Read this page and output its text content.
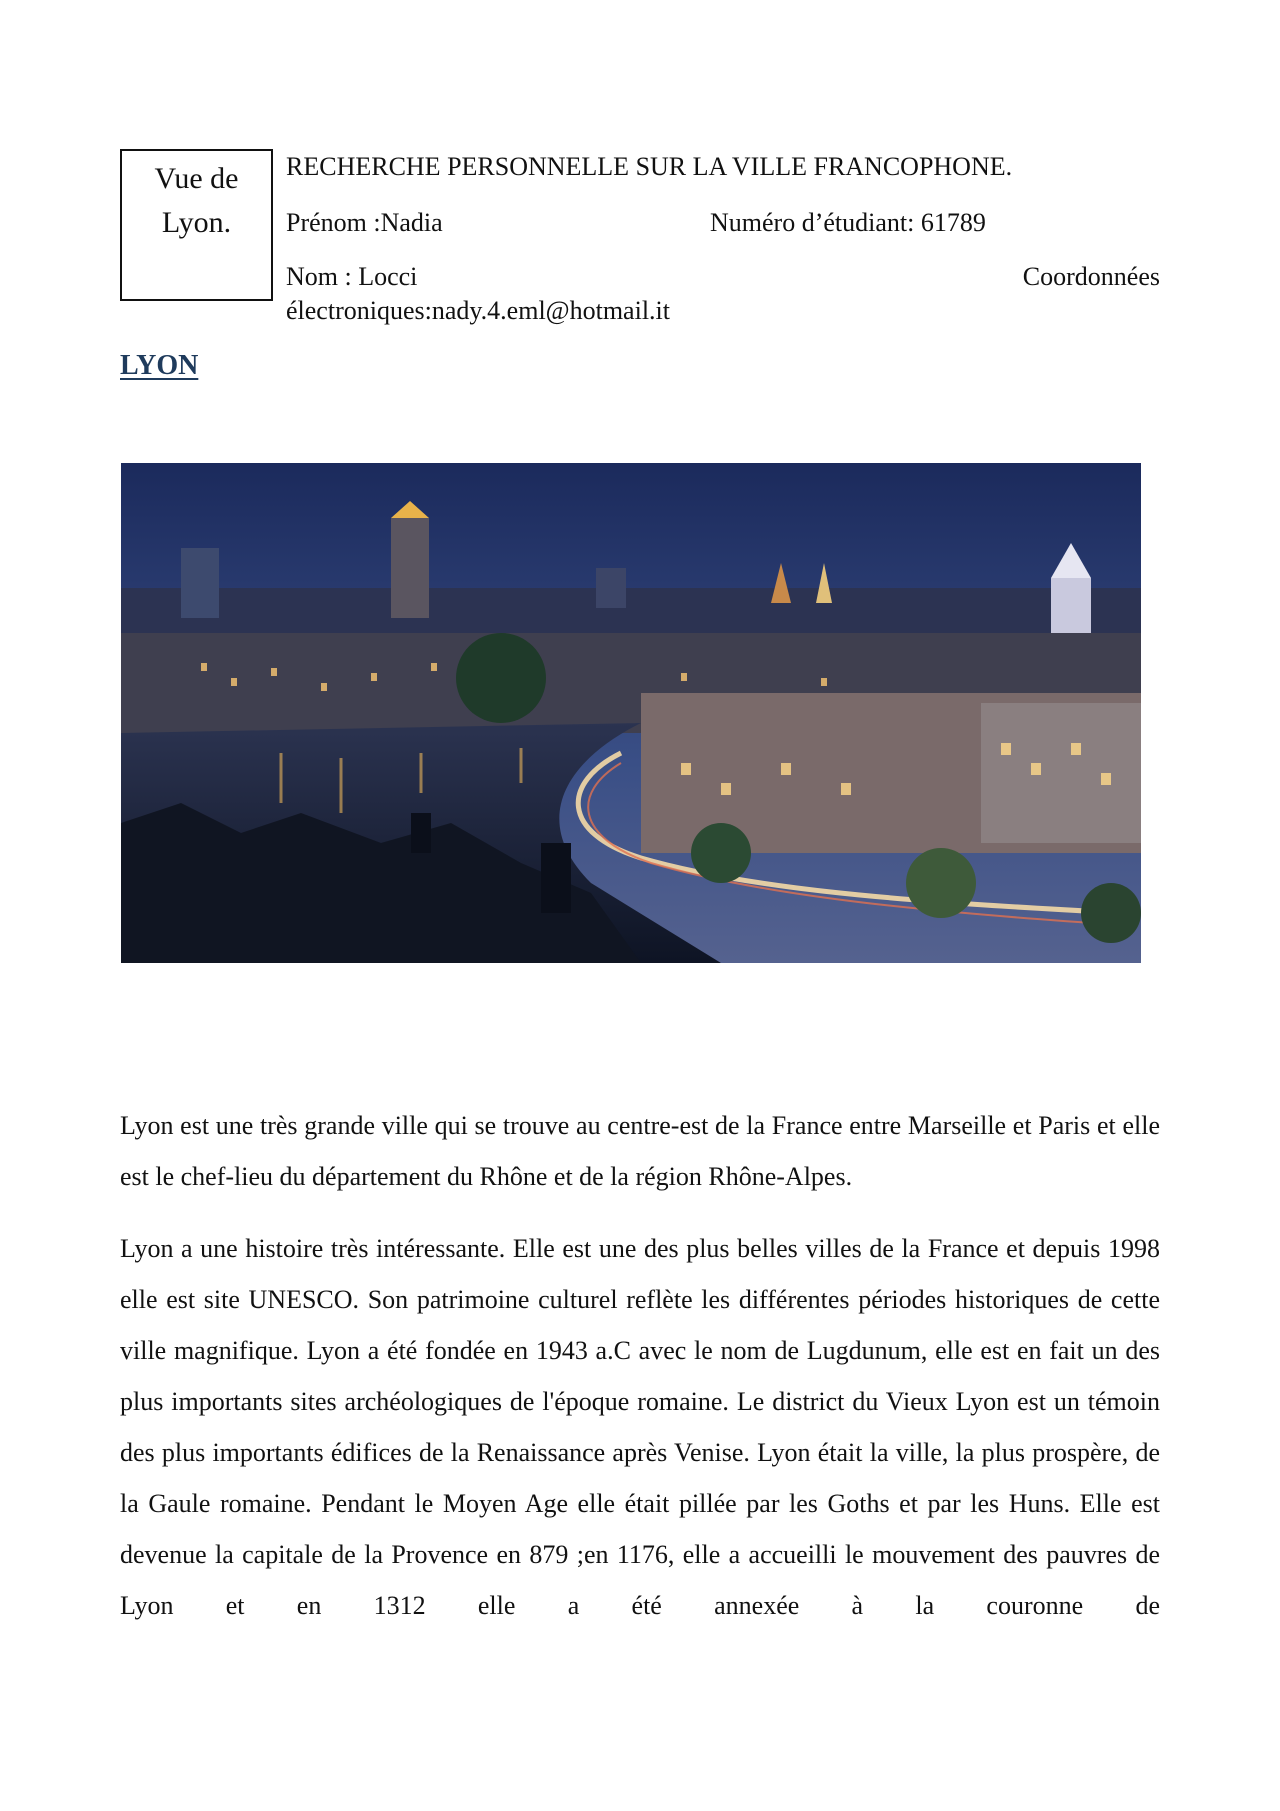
Vue de
Lyon.
RECHERCHE PERSONNELLE SUR LA VILLE FRANCOPHONE.
Prénom :Nadia	Numéro d’étudiant: 61789
Nom : Locci	Coordonnées
électroniques:nady.4.eml@hotmail.it
LYON

Lyon est une très grande ville qui se trouve au centre-est de la France entre Marseille et Paris et elle est le chef-lieu du département du Rhône et de la région Rhône-Alpes.

Lyon a une histoire très intéressante. Elle est une des plus belles villes de la France et depuis 1998 elle est site UNESCO. Son patrimoine culturel reflète les différentes périodes historiques de cette ville magnifique. Lyon a été fondée en 1943 a.C avec le nom de Lugdunum, elle est en fait un des plus importants sites archéologiques de l'époque romaine. Le district du Vieux Lyon est un témoin des plus importants édifices de la Renaissance après Venise. Lyon était la ville, la plus prospère, de la Gaule romaine. Pendant le Moyen Age elle était pillée par les Goths et par les Huns. Elle est devenue la capitale de la Provence en 879 ;en 1176, elle a accueilli le mouvement des pauvres de Lyon et en 1312 elle a été annexée à la couronne de
